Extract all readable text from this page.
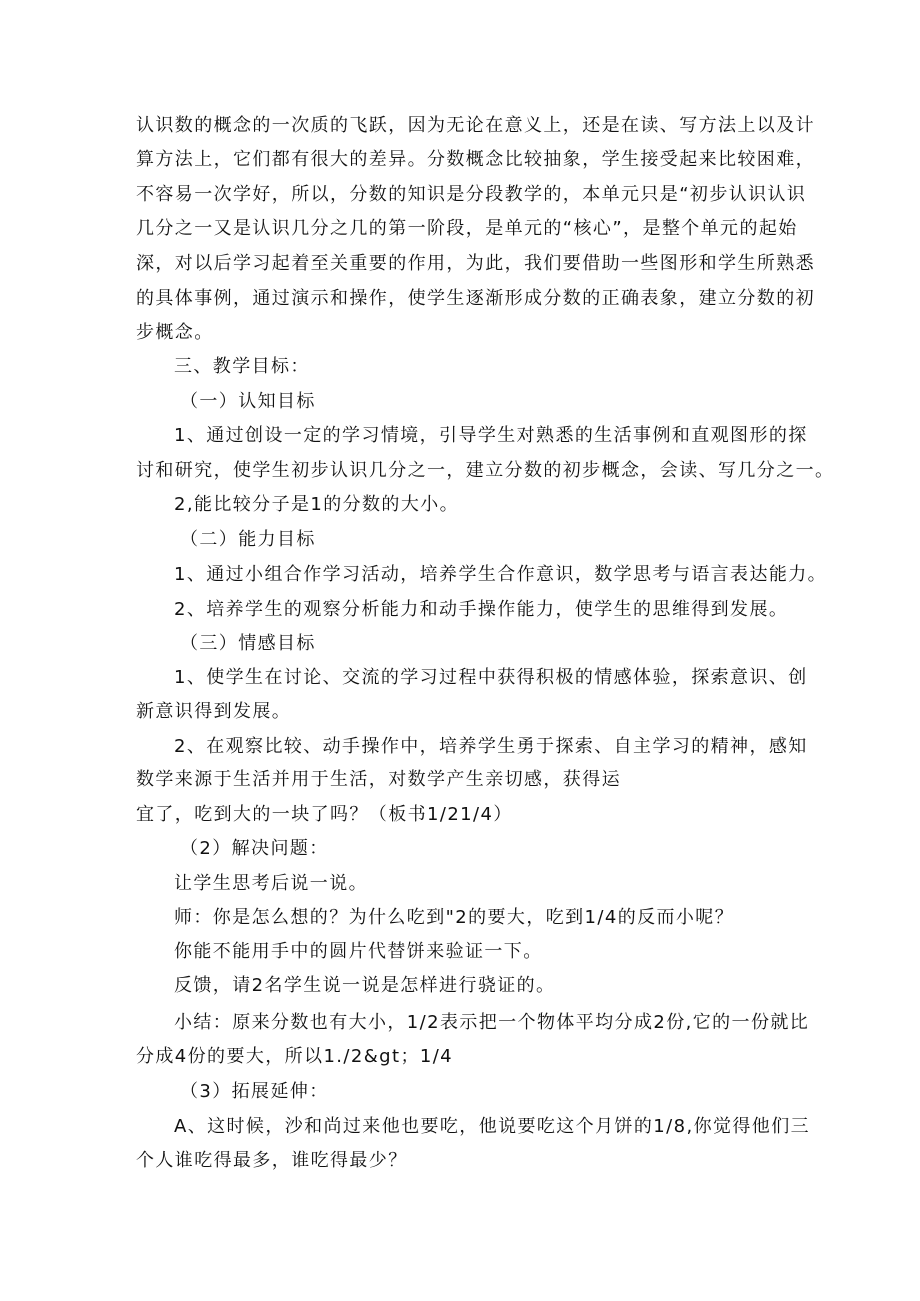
认识数的概念的一次质的飞跃，因为无论在意义上，还是在读、写方法上以及计
算方法上，它们都有很大的差异。分数概念比较抽象，学生接受起来比较困难，
不容易一次学好，所以，分数的知识是分段教学的，本单元只是“初步认识认识
几分之一又是认识几分之几的第一阶段，是单元的“核心”，是整个单元的起始
深，对以后学习起着至关重要的作用，为此，我们要借助一些图形和学生所熟悉
的具体事例，通过演示和操作，使学生逐渐形成分数的正确表象，建立分数的初
步概念。
三、教学目标：
（一）认知目标
1、通过创设一定的学习情境，引导学生对熟悉的生活事例和直观图形的探
讨和研究，使学生初步认识几分之一，建立分数的初步概念，会读、写几分之一。
2,能比较分子是1的分数的大小。
（二）能力目标
1、通过小组合作学习活动，培养学生合作意识，数学思考与语言表达能力。
2、培养学生的观察分析能力和动手操作能力，使学生的思维得到发展。
（三）情感目标
1、使学生在讨论、交流的学习过程中获得积极的情感体验，探索意识、创
新意识得到发展。
2、在观察比较、动手操作中，培养学生勇于探索、自主学习的精神，感知
数学来源于生活并用于生活，对数学产生亲切感，获得运
宜了，吃到大的一块了吗？（板书1/21/4）
（2）解决问题：
让学生思考后说一说。
师：你是怎么想的？为什么吃到"2的要大，吃到1/4的反而小呢？
你能不能用手中的圆片代替饼来验证一下。
反馈，请2名学生说一说是怎样进行骁证的。
小结：原来分数也有大小，1/2表示把一个物体平均分成2份,它的一份就比
分成4份的要大，所以1./2&gt；1/4
（3）拓展延伸：
A、这时候，沙和尚过来他也要吃，他说要吃这个月饼的1/8,你觉得他们三
个人谁吃得最多，谁吃得最少？
